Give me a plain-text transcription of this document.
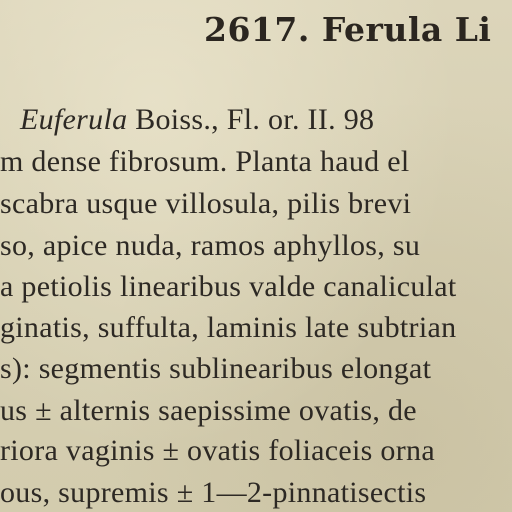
2617. Ferula Li
Euferula Boiss., Fl. or. II. 98
m dense fibrosum. Planta haud el
scabra usque villosula, pilis brevi
so, apice nuda, ramos aphyllos, su
a petiolis linearibus valde canaliculat
ginatis, suffulta, laminis late subtrian
s): segmentis sublinearibus elongat
us ± alternis saepissime ovatis, de
riora vaginis ± ovatis foliaceis orna
ous, supremis ± 1—2-pinnatisectis
